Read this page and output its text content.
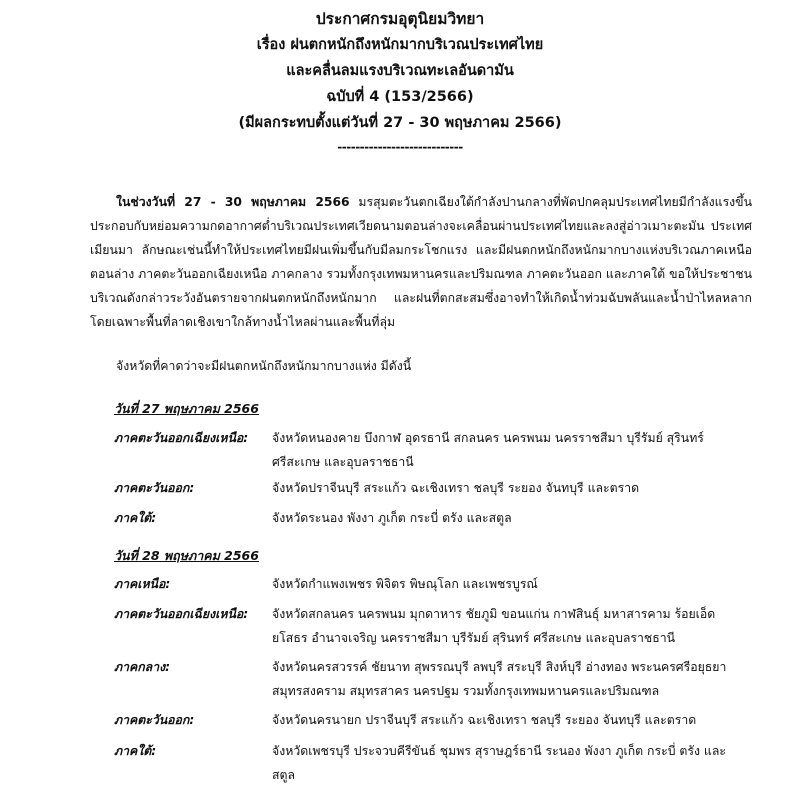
ประกาศกรมอุตุนิยมวิทยา
เรื่อง ฝนตกหนักถึงหนักมากบริเวณประเทศไทย
และคลื่นลมแรงบริเวณทะเลอันดามัน
ฉบับที่ 4 (153/2566)
(มีผลกระทบตั้งแต่วันที่ 27 - 30 พฤษภาคม 2566)
----------------------------
ในช่วงวันที่ 27 - 30 พฤษภาคม 2566 มรสุมตะวันตกเฉียงใต้กำลังปานกลางที่พัดปกคลุมประเทศไทยมีกำลังแรงขึ้น ประกอบกับหย่อมความกดอากาศต่ำบริเวณประเทศเวียดนามตอนล่างจะเคลื่อนผ่านประเทศไทยและลงสู่อ่าวเมาะตะมัน ประเทศเมียนมา ลักษณะเช่นนี้ทำให้ประเทศไทยมีฝนเพิ่มขึ้นกับมีลมกระโชกแรง และมีฝนตกหนักถึงหนักมากบางแห่งบริเวณภาคเหนือตอนล่าง ภาคตะวันออกเฉียงเหนือ ภาคกลาง รวมทั้งกรุงเทพมหานครและปริมณฑล ภาคตะวันออก และภาคใต้ ขอให้ประชาชนบริเวณดังกล่าวระวังอันตรายจากฝนตกหนักถึงหนักมาก และฝนที่ตกสะสมซึ่งอาจทำให้เกิดน้ำท่วมฉับพลันและน้ำป่าไหลหลาก โดยเฉพาะพื้นที่ลาดเชิงเขาใกล้ทางน้ำไหลผ่านและพื้นที่ลุ่ม
จังหวัดที่คาดว่าจะมีฝนตกหนักถึงหนักมากบางแห่ง มีดังนี้
วันที่ 27 พฤษภาคม 2566
ภาคตะวันออกเฉียงเหนือ:	จังหวัดหนองคาย บึงกาฬ อุดรธานี สกลนคร นครพนม นครราชสีมา บุรีรัมย์ สุรินทร์ ศรีสะเกษ และอุบลราชธานี
ภาคตะวันออก:	จังหวัดปราจีนบุรี สระแก้ว ฉะเชิงเทรา ชลบุรี ระยอง จันทบุรี และตราด
ภาคใต้:	จังหวัดระนอง พังงา ภูเก็ต กระบี่ ตรัง และสตูล
วันที่ 28 พฤษภาคม 2566
ภาคเหนือ:	จังหวัดกำแพงเพชร พิจิตร พิษณุโลก และเพชรบูรณ์
ภาคตะวันออกเฉียงเหนือ:	จังหวัดสกลนคร นครพนม มุกดาหาร ชัยภูมิ ขอนแก่น กาฬสินธุ์ มหาสารคาม ร้อยเอ็ด ยโสธร อำนาจเจริญ นครราชสีมา บุรีรัมย์ สุรินทร์ ศรีสะเกษ และอุบลราชธานี
ภาคกลาง:	จังหวัดนครสวรรค์ ชัยนาท สุพรรณบุรี ลพบุรี สระบุรี สิงห์บุรี อ่างทอง พระนครศรีอยุธยา สมุทรสงคราม สมุทรสาคร นครปฐม รวมทั้งกรุงเทพมหานครและปริมณฑล
ภาคตะวันออก:	จังหวัดนครนายก ปราจีนบุรี สระแก้ว ฉะเชิงเทรา ชลบุรี ระยอง จันทบุรี และตราด
ภาคใต้:	จังหวัดเพชรบุรี ประจวบคีรีขันธ์ ชุมพร สุราษฎร์ธานี ระนอง พังงา ภูเก็ต กระบี่ ตรัง และสตูล
